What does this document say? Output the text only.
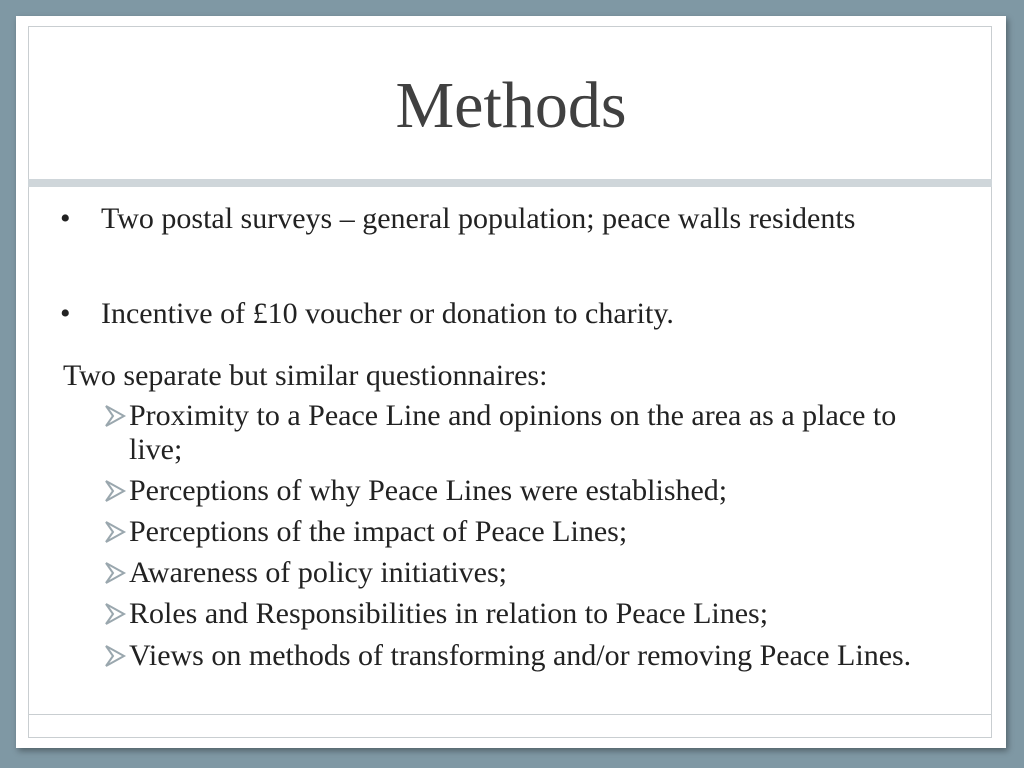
Methods
•	Two postal surveys – general population; peace walls residents
•	Incentive of £10 voucher or donation to charity.
Two separate but similar questionnaires:
Proximity to a Peace Line and opinions on the area as a place to live;
Perceptions of why Peace Lines were established;
Perceptions of the impact of Peace Lines;
Awareness of policy initiatives;
Roles and Responsibilities in relation to Peace Lines;
Views on methods of transforming and/or removing Peace Lines.
